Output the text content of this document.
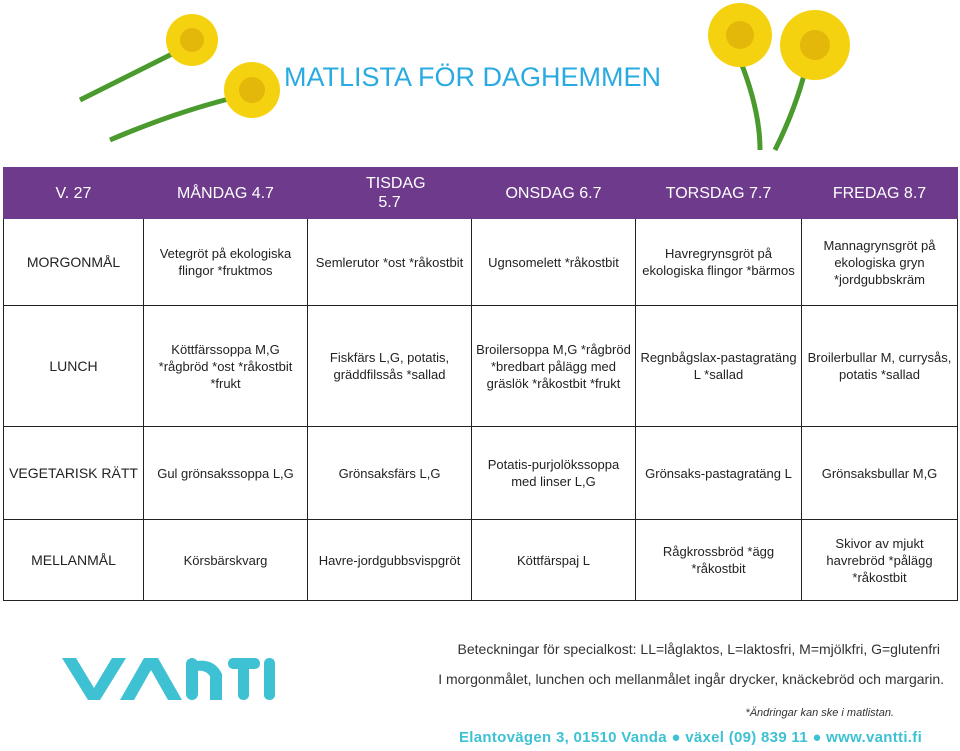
MATLISTA FÖR DAGHEMMEN
V. 27	MÅNDAG 4.7	TISDAG 5.7	ONSDAG 6.7	TORSDAG 7.7	FREDAG 8.7
MORGONMÅL	Vetegröt på ekologiska flingor *fruktmos	Semlerutor *ost *råkostbit	Ugnsomelett *råkostbit	Havregrynsgröt på ekologiska flingor *bärmos	Mannagrynsgröt på ekologiska gryn *jordgubbskräm
LUNCH	Köttfärssoppa M,G *rågbröd *ost *råkostbit *frukt	Fiskfärs L,G, potatis, gräddfilssås *sallad	Broilersoppa M,G *rågbröd *bredbart pålägg med gräslök *råkostbit *frukt	Regnbågslax-pastagratäng L *sallad	Broilerbullar M, currysås, potatis *sallad
VEGETARISK RÄTT	Gul grönsakssoppa L,G	Grönsaksfärs L,G	Potatis-purjolökssoppa med linser L,G	Grönsaks-pastagratäng L	Grönsaksbullar M,G
MELLANMÅL	Körsbärskvarg	Havre-jordgubbsvispgröt	Köttfärspaj L	Rågkrossbröd *ägg *råkostbit	Skivor av mjukt havrebröd *pålägg *råkostbit
Beteckningar för specialkost: LL=låglaktos, L=laktosfri, M=mjölkfri, G=glutenfri
I morgonmålet, lunchen och mellanmålet ingår drycker, knäckebröd och margarin.
*Ändringar kan ske i matlistan.
Elantovägen 3, 01510 Vanda ● växel (09) 839 11 ● www.vantti.fi
